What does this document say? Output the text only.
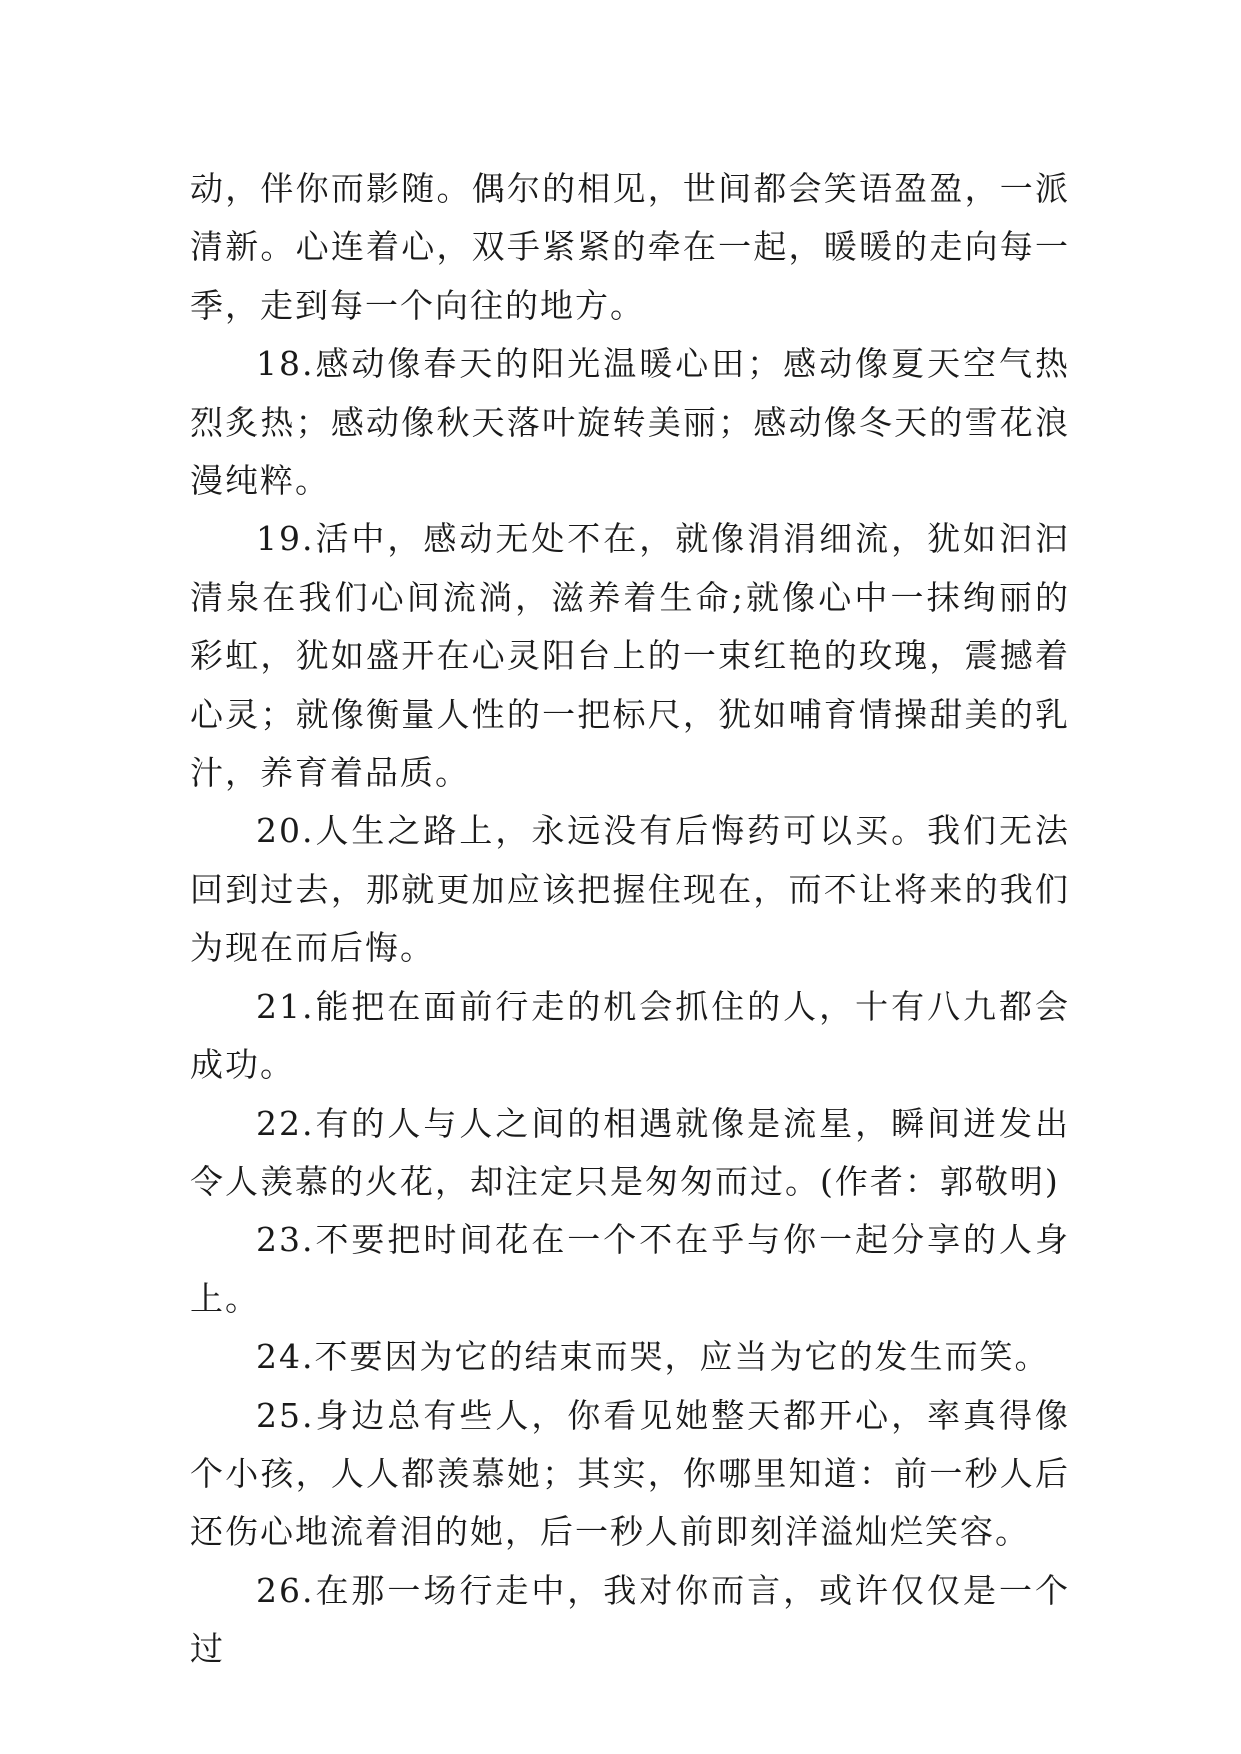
动，伴你而影随。偶尔的相见，世间都会笑语盈盈，一派清新。心连着心，双手紧紧的牵在一起，暖暖的走向每一季，走到每一个向往的地方。

18.感动像春天的阳光温暖心田；感动像夏天空气热烈炙热；感动像秋天落叶旋转美丽；感动像冬天的雪花浪漫纯粹。

19.活中，感动无处不在，就像涓涓细流，犹如汩汩清泉在我们心间流淌，滋养着生命;就像心中一抹绚丽的彩虹，犹如盛开在心灵阳台上的一束红艳的玫瑰，震撼着心灵；就像衡量人性的一把标尺，犹如哺育情操甜美的乳汁，养育着品质。

20.人生之路上，永远没有后悔药可以买。我们无法回到过去，那就更加应该把握住现在，而不让将来的我们为现在而后悔。

21.能把在面前行走的机会抓住的人，十有八九都会成功。

22.有的人与人之间的相遇就像是流星，瞬间迸发出令人羡慕的火花，却注定只是匆匆而过。(作者：郭敬明)

23.不要把时间花在一个不在乎与你一起分享的人身上。

24.不要因为它的结束而哭，应当为它的发生而笑。

25.身边总有些人，你看见她整天都开心，率真得像个小孩，人人都羡慕她；其实，你哪里知道：前一秒人后还伤心地流着泪的她，后一秒人前即刻洋溢灿烂笑容。

26.在那一场行走中，我对你而言，或许仅仅是一个过
